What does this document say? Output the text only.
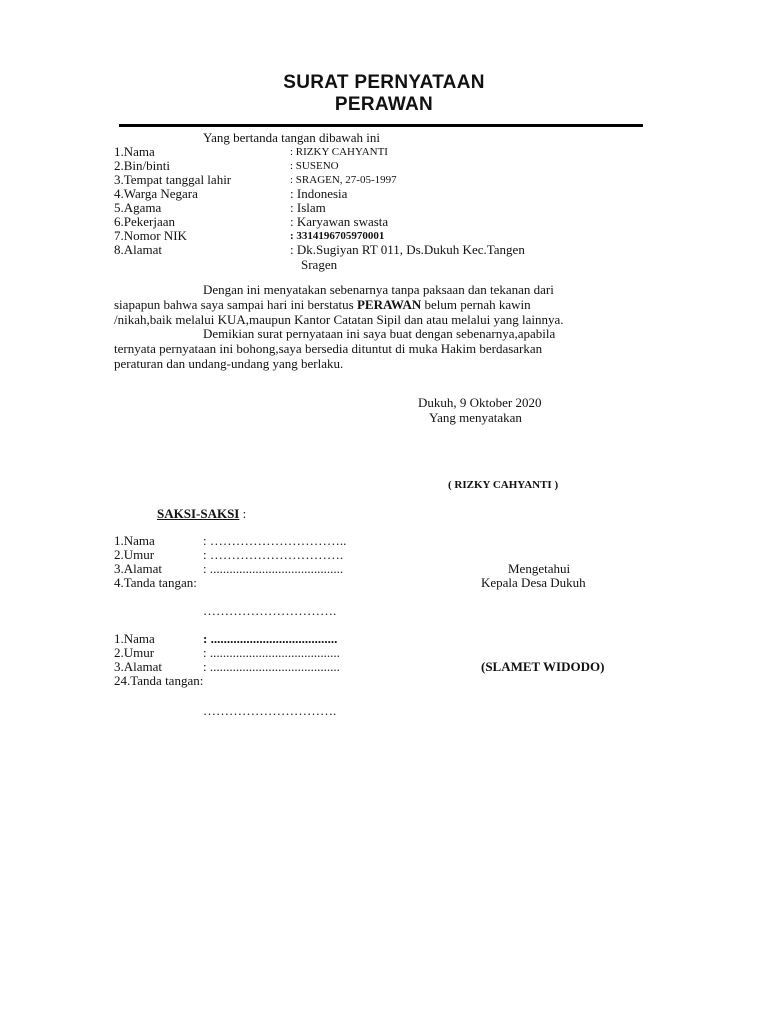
SURAT PERNYATAAN
PERAWAN
Yang bertanda tangan dibawah ini
1.Nama	: RIZKY CAHYANTI
2.Bin/binti	: SUSENO
3.Tempat tanggal lahir	: SRAGEN, 27-05-1997
4.Warga Negara	: Indonesia
5.Agama	: Islam
6.Pekerjaan	: Karyawan swasta
7.Nomor NIK	: 3314196705970001
8.Alamat	: Dk.Sugiyan RT 011, Ds.Dukuh Kec.Tangen
Sragen
Dengan ini menyatakan sebenarnya tanpa paksaan dan tekanan dari
siapapun bahwa saya sampai hari ini berstatus PERAWAN belum pernah kawin
/nikah,baik melalui KUA,maupun Kantor Catatan Sipil dan atau melalui yang lainnya.
Demikian surat pernyataan ini saya buat dengan sebenarnya,apabila
ternyata pernyataan ini bohong,saya bersedia dituntut di muka Hakim berdasarkan
peraturan dan undang-undang yang berlaku.
Dukuh, 9 Oktober 2020
Yang menyatakan
( RIZKY CAHYANTI )
SAKSI-SAKSI :
1.Nama	: …………………………..
2.Umur	: ………………………….
3.Alamat	: .........................................
4.Tanda tangan:
………………………….
1.Nama	: .......................................
2.Umur	: ........................................
3.Alamat	: ........................................
24.Tanda tangan:
………………………….
Mengetahui
Kepala Desa Dukuh
(SLAMET WIDODO)
